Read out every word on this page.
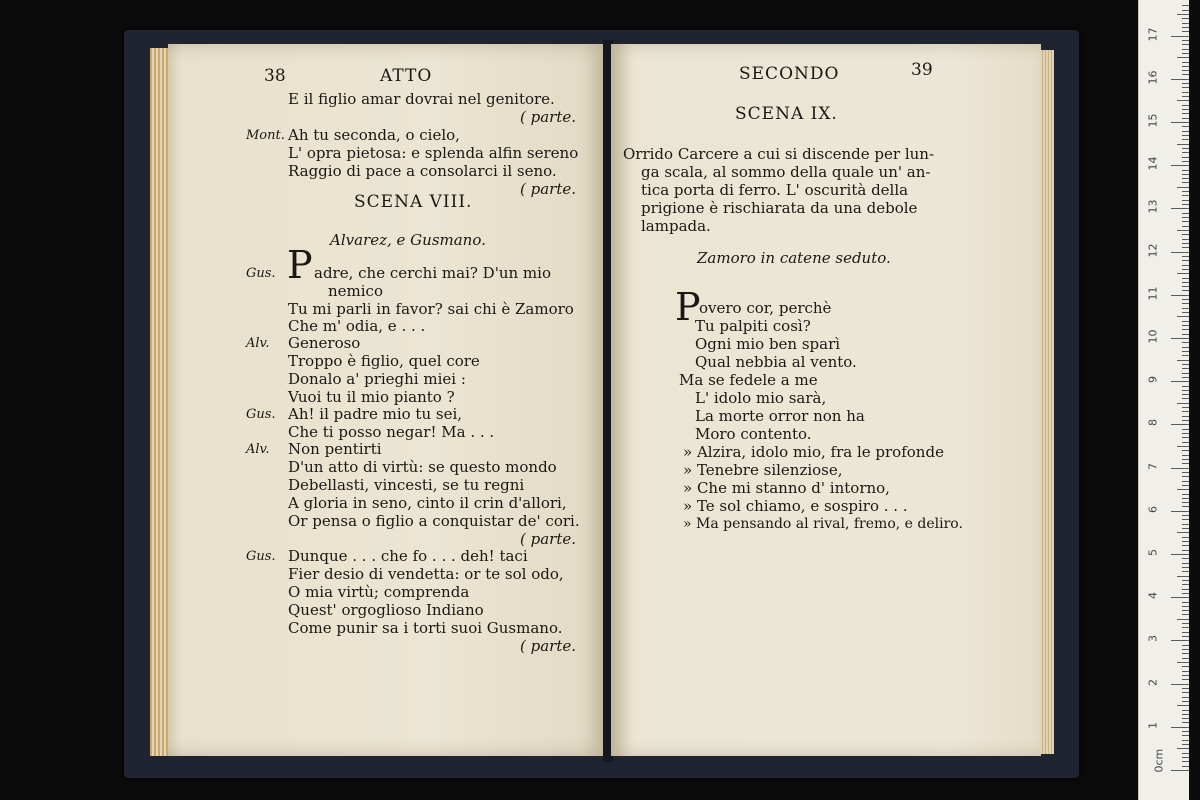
38	ATTO
E il figlio amar dovrai nel genitore.
( parte.
Mont. Ah tu seconda, o cielo,
L' opra pietosa: e splenda alfin sereno
Raggio di pace a consolarci il seno.
( parte.
SCENA VIII.
Alvarez, e Gusmano.
Gus. P adre, che cerchi mai? D'un mio
nemico
Tu mi parli in favor? sai chi è Zamoro
Che m' odia, e . . .
Alv. Generoso
Troppo è figlio, quel core
Donalo a' prieghi miei :
Vuoi tu il mio pianto ?
Gus. Ah! il padre mio tu sei,
Che ti posso negar! Ma . . .
Alv. Non pentirti
D'un atto di virtù: se questo mondo
Debellasti, vincesti, se tu regni
A gloria in seno, cinto il crin d'allori,
Or pensa o figlio a conquistar de' cori.
( parte.
Gus. Dunque . . . che fo . . . deh! taci
Fier desio di vendetta: or te sol odo,
O mia virtù; comprenda
Quest' orgoglioso Indiano
Come punir sa i torti suoi Gusmano.
( parte.
SECONDO	39
SCENA IX.
Orrido Carcere a cui si discende per lun-
ga scala, al sommo della quale un' an-
tica porta di ferro. L' oscurità della
prigione è rischiarata da una debole
lampada.
Zamoro in catene seduto.
P
overo cor, perchè
Tu palpiti così?
Ogni mio ben sparì
Qual nebbia al vento.
Ma se fedele a me
L' idolo mio sarà,
La morte orror non ha
Moro contento.
» Alzira, idolo mio, fra le profonde
» Tenebre silenziose,
» Che mi stanno d' intorno,
» Te sol chiamo, e sospiro . . .
» Ma pensando al rival, fremo, e deliro.
0cm
1
2
3
4
5
6
7
8
9
10
11
12
13
14
15
16
17
